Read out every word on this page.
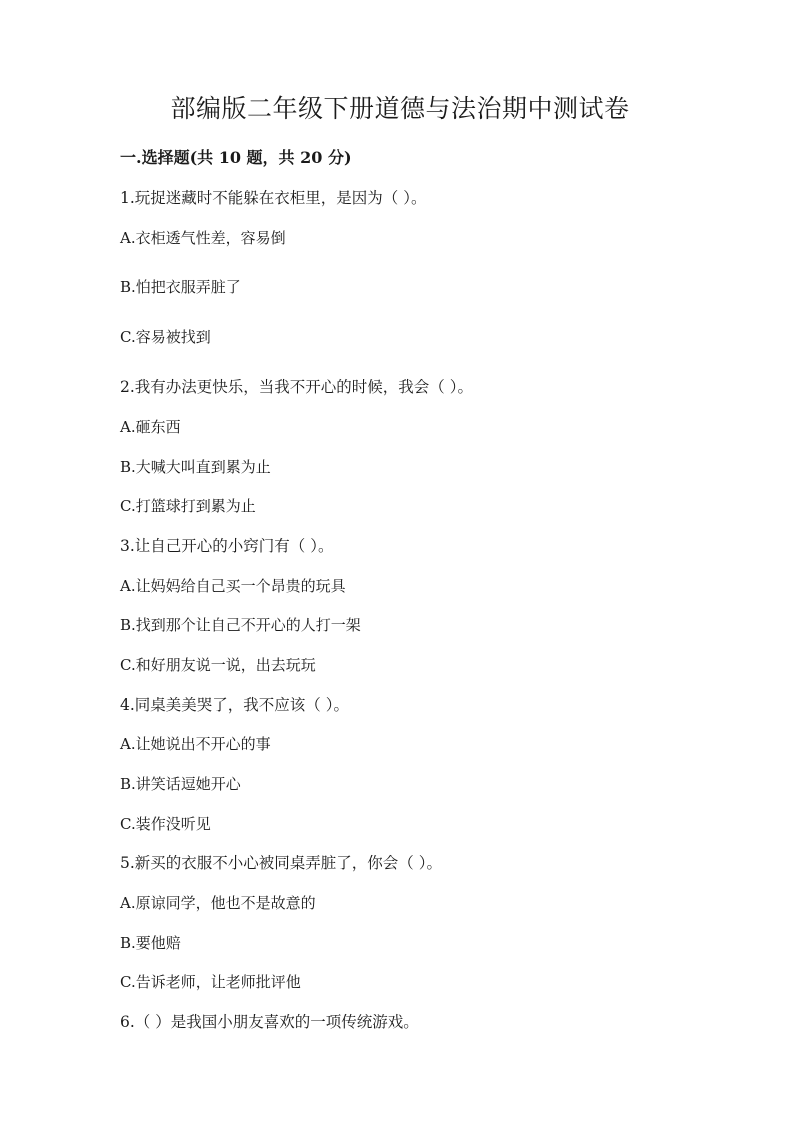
部编版二年级下册道德与法治期中测试卷
一.选择题(共 10 题，共 20 分)
1.玩捉迷藏时不能躲在衣柜里，是因为（ ）。
A.衣柜透气性差，容易倒
B.怕把衣服弄脏了
C.容易被找到
2.我有办法更快乐，当我不开心的时候，我会（ ）。
A.砸东西
B.大喊大叫直到累为止
C.打篮球打到累为止
3.让自己开心的小窍门有（ ）。
A.让妈妈给自己买一个昂贵的玩具
B.找到那个让自己不开心的人打一架
C.和好朋友说一说，出去玩玩
4.同桌美美哭了，我不应该（ ）。
A.让她说出不开心的事
B.讲笑话逗她开心
C.装作没听见
5.新买的衣服不小心被同桌弄脏了，你会（ ）。
A.原谅同学，他也不是故意的
B.要他赔
C.告诉老师，让老师批评他
6.（ ）是我国小朋友喜欢的一项传统游戏。
